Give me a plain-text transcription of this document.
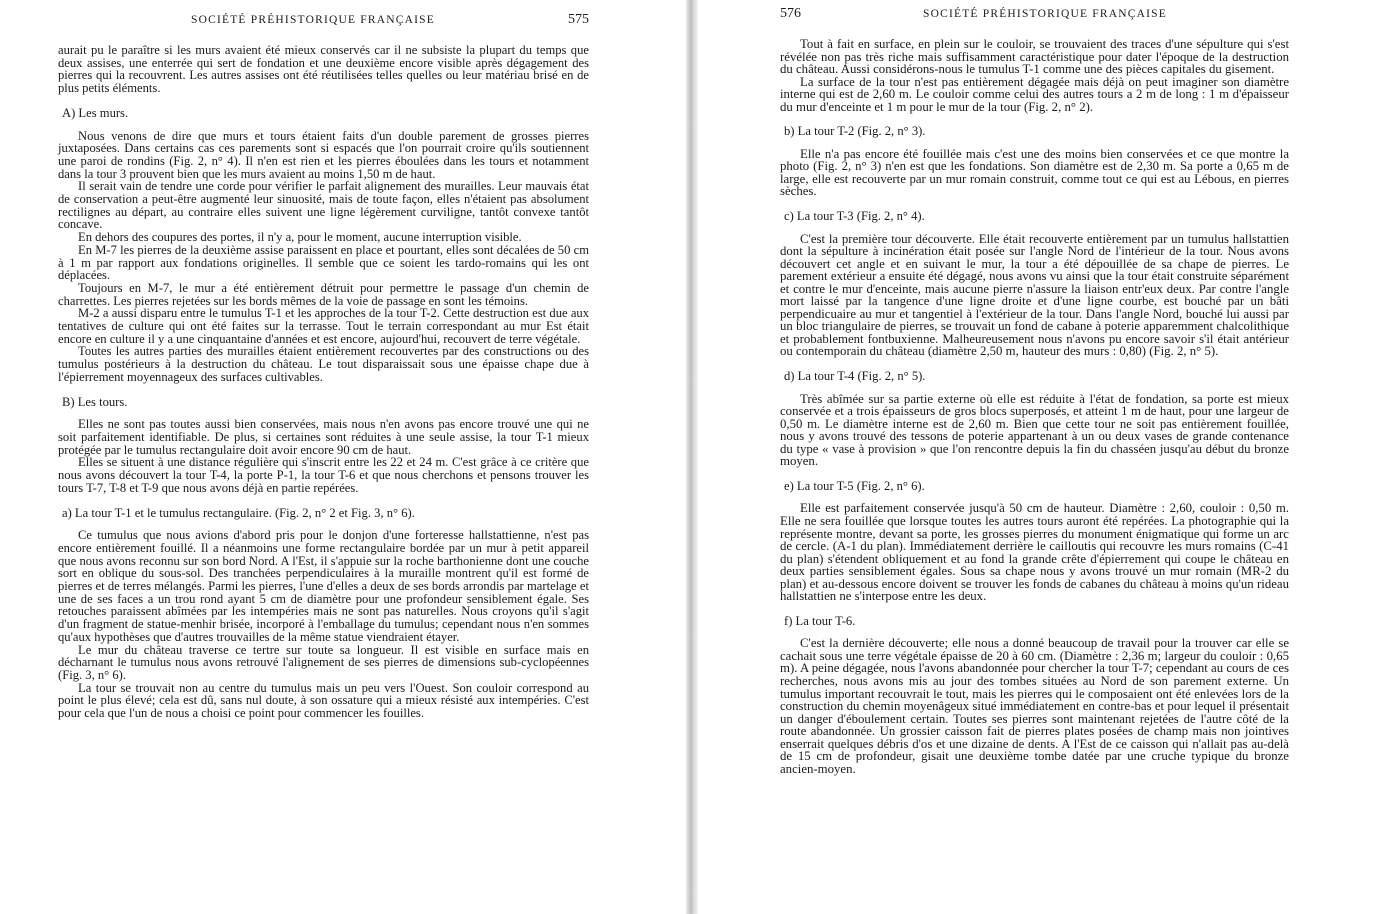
SOCIÉTÉ PRÉHISTORIQUE FRANÇAISE	575

aurait pu le paraître si les murs avaient été mieux conservés car il ne subsiste la plupart du temps que deux assises, une enterrée qui sert de fondation et une deuxième encore visible après dégagement des pierres qui la recouvrent. Les autres assises ont été réutilisées telles quelles ou leur matériau brisé en de plus petits éléments.

A) Les murs.

Nous venons de dire que murs et tours étaient faits d'un double parement de grosses pierres juxtaposées. Dans certains cas ces parements sont si espacés que l'on pourrait croire qu'ils soutiennent une paroi de rondins (Fig. 2, n° 4). Il n'en est rien et les pierres éboulées dans les tours et notamment dans la tour 3 prouvent bien que les murs avaient au moins 1,50 m de haut.

Il serait vain de tendre une corde pour vérifier le parfait alignement des murailles. Leur mauvais état de conservation a peut-être augmenté leur sinuosité, mais de toute façon, elles n'étaient pas absolument rectilignes au départ, au contraire elles suivent une ligne légèrement curviligne, tantôt convexe tantôt concave.

En dehors des coupures des portes, il n'y a, pour le moment, aucune interruption visible.

En M-7 les pierres de la deuxième assise paraissent en place et pourtant, elles sont décalées de 50 cm à 1 m par rapport aux fondations originelles. Il semble que ce soient les tardo-romains qui les ont déplacées.

Toujours en M-7, le mur a été entièrement détruit pour permettre le passage d'un chemin de charrettes. Les pierres rejetées sur les bords mêmes de la voie de passage en sont les témoins.

M-2 a aussi disparu entre le tumulus T-1 et les approches de la tour T-2. Cette destruction est due aux tentatives de culture qui ont été faites sur la terrasse. Tout le terrain correspondant au mur Est était encore en culture il y a une cinquantaine d'années et est encore, aujourd'hui, recouvert de terre végétale.

Toutes les autres parties des murailles étaient entièrement recouvertes par des constructions ou des tumulus postérieurs à la destruction du château. Le tout disparaissait sous une épaisse chape due à l'épierrement moyennageux des surfaces cultivables.

B) Les tours.

Elles ne sont pas toutes aussi bien conservées, mais nous n'en avons pas encore trouvé une qui ne soit parfaitement identifiable. De plus, si certaines sont réduites à une seule assise, la tour T-1 mieux protégée par le tumulus rectangulaire doit avoir encore 90 cm de haut.

Elles se situent à une distance régulière qui s'inscrit entre les 22 et 24 m. C'est grâce à ce critère que nous avons découvert la tour T-4, la porte P-1, la tour T-6 et que nous cherchons et pensons trouver les tours T-7, T-8 et T-9 que nous avons déjà en partie repérées.

a) La tour T-1 et le tumulus rectangulaire. (Fig. 2, n° 2 et Fig. 3, n° 6).

Ce tumulus que nous avions d'abord pris pour le donjon d'une forteresse hallstattienne, n'est pas encore entièrement fouillé. Il a néanmoins une forme rectangulaire bordée par un mur à petit appareil que nous avons reconnu sur son bord Nord. A l'Est, il s'appuie sur la roche barthonienne dont une couche sort en oblique du sous-sol. Des tranchées perpendiculaires à la muraille montrent qu'il est formé de pierres et de terres mélangés. Parmi les pierres, l'une d'elles a deux de ses bords arrondis par martelage et une de ses faces a un trou rond ayant 5 cm de diamètre pour une profondeur sensiblement égale. Ses retouches paraissent abîmées par les intempéries mais ne sont pas naturelles. Nous croyons qu'il s'agit d'un fragment de statue-menhir brisée, incorporé à l'emballage du tumulus; cependant nous n'en sommes qu'aux hypothèses que d'autres trouvailles de la même statue viendraient étayer.

Le mur du château traverse ce tertre sur toute sa longueur. Il est visible en surface mais en décharnant le tumulus nous avons retrouvé l'alignement de ses pierres de dimensions sub-cyclopéennes (Fig. 3, n° 6).

La tour se trouvait non au centre du tumulus mais un peu vers l'Ouest. Son couloir correspond au point le plus élevé; cela est dû, sans nul doute, à son ossature qui a mieux résisté aux intempéries. C'est pour cela que l'un de nous a choisi ce point pour commencer les fouilles.

576	SOCIÉTÉ PRÉHISTORIQUE FRANÇAISE

Tout à fait en surface, en plein sur le couloir, se trouvaient des traces d'une sépulture qui s'est révélée non pas très riche mais suffisamment caractéristique pour dater l'époque de la destruction du château. Aussi considérons-nous le tumulus T-1 comme une des pièces capitales du gisement.

La surface de la tour n'est pas entièrement dégagée mais déjà on peut imaginer son diamètre interne qui est de 2,60 m. Le couloir comme celui des autres tours a 2 m de long : 1 m d'épaisseur du mur d'enceinte et 1 m pour le mur de la tour (Fig. 2, n° 2).

b) La tour T-2 (Fig. 2, n° 3).

Elle n'a pas encore été fouillée mais c'est une des moins bien conservées et ce que montre la photo (Fig. 2, n° 3) n'en est que les fondations. Son diamètre est de 2,30 m. Sa porte a 0,65 m de large, elle est recouverte par un mur romain construit, comme tout ce qui est au Lébous, en pierres sèches.

c) La tour T-3 (Fig. 2, n° 4).

C'est la première tour découverte. Elle était recouverte entièrement par un tumulus hallstattien dont la sépulture à incinération était posée sur l'angle Nord de l'intérieur de la tour. Nous avons découvert cet angle et en suivant le mur, la tour a été dépouillée de sa chape de pierres. Le parement extérieur a ensuite été dégagé, nous avons vu ainsi que la tour était construite séparément et contre le mur d'enceinte, mais aucune pierre n'assure la liaison entr'eux deux. Par contre l'angle mort laissé par la tangence d'une ligne droite et d'une ligne courbe, est bouché par un bâti perpendicuaire au mur et tangentiel à l'extérieur de la tour. Dans l'angle Nord, bouché lui aussi par un bloc triangulaire de pierres, se trouvait un fond de cabane à poterie apparemment chalcolithique et probablement fontbuxienne. Malheureusement nous n'avons pu encore savoir s'il était antérieur ou contemporain du château (diamètre 2,50 m, hauteur des murs : 0,80) (Fig. 2, n° 5).

d) La tour T-4 (Fig. 2, n° 5).

Très abîmée sur sa partie externe où elle est réduite à l'état de fondation, sa porte est mieux conservée et a trois épaisseurs de gros blocs superposés, et atteint 1 m de haut, pour une largeur de 0,50 m. Le diamètre interne est de 2,60 m. Bien que cette tour ne soit pas entièrement fouillée, nous y avons trouvé des tessons de poterie appartenant à un ou deux vases de grande contenance du type « vase à provision » que l'on rencontre depuis la fin du chasséen jusqu'au début du bronze moyen.

e) La tour T-5 (Fig. 2, n° 6).

Elle est parfaitement conservée jusqu'à 50 cm de hauteur. Diamètre : 2,60, couloir : 0,50 m. Elle ne sera fouillée que lorsque toutes les autres tours auront été repérées. La photographie qui la représente montre, devant sa porte, les grosses pierres du monument énigmatique qui forme un arc de cercle. (A-1 du plan). Immédiatement derrière le cailloutis qui recouvre les murs romains (C-41 du plan) s'étendent obliquement et au fond la grande crête d'épierrement qui coupe le château en deux parties sensiblement égales. Sous sa chape nous y avons trouvé un mur romain (MR-2 du plan) et au-dessous encore doivent se trouver les fonds de cabanes du château à moins qu'un rideau hallstattien ne s'interpose entre les deux.

f) La tour T-6.

C'est la dernière découverte; elle nous a donné beaucoup de travail pour la trouver car elle se cachait sous une terre végétale épaisse de 20 à 60 cm. (Diamètre : 2,36 m; largeur du couloir : 0,65 m). A peine dégagée, nous l'avons abandonnée pour chercher la tour T-7; cependant au cours de ces recherches, nous avons mis au jour des tombes situées au Nord de son parement externe. Un tumulus important recouvrait le tout, mais les pierres qui le composaient ont été enlevées lors de la construction du chemin moyenâgeux situé immédiatement en contre-bas et pour lequel il présentait un danger d'éboulement certain. Toutes ses pierres sont maintenant rejetées de l'autre côté de la route abandonnée. Un grossier caisson fait de pierres plates posées de champ mais non jointives enserrait quelques débris d'os et une dizaine de dents. A l'Est de ce caisson qui n'allait pas au-delà de 15 cm de profondeur, gisait une deuxième tombe datée par une cruche typique du bronze ancien-moyen.
